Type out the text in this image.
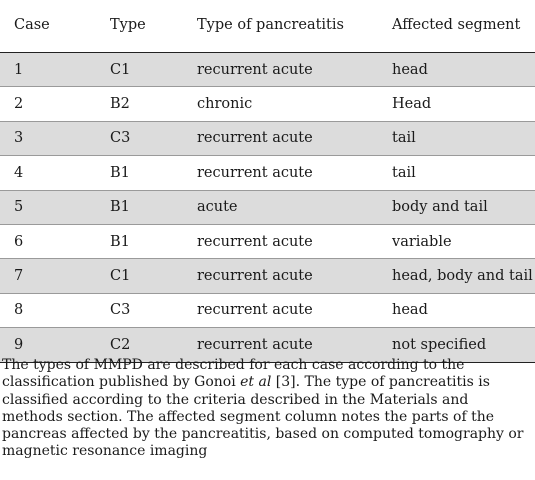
Case	Type	Type of pancreatitis	Affected segment
1	C1	recurrent acute	head
2	B2	chronic	Head
3	C3	recurrent acute	tail
4	B1	recurrent acute	tail
5	B1	acute	body and tail
6	B1	recurrent acute	variable
7	C1	recurrent acute	head, body and tail
8	C3	recurrent acute	head
9	C2	recurrent acute	not specified
The types of MMPD are described for each case according to the classification published by Gonoi et al [3]. The type of pancreatitis is classified according to the criteria described in the Materials and methods section. The affected segment column notes the parts of the pancreas affected by the pancreatitis, based on computed tomography or magnetic resonance imaging
